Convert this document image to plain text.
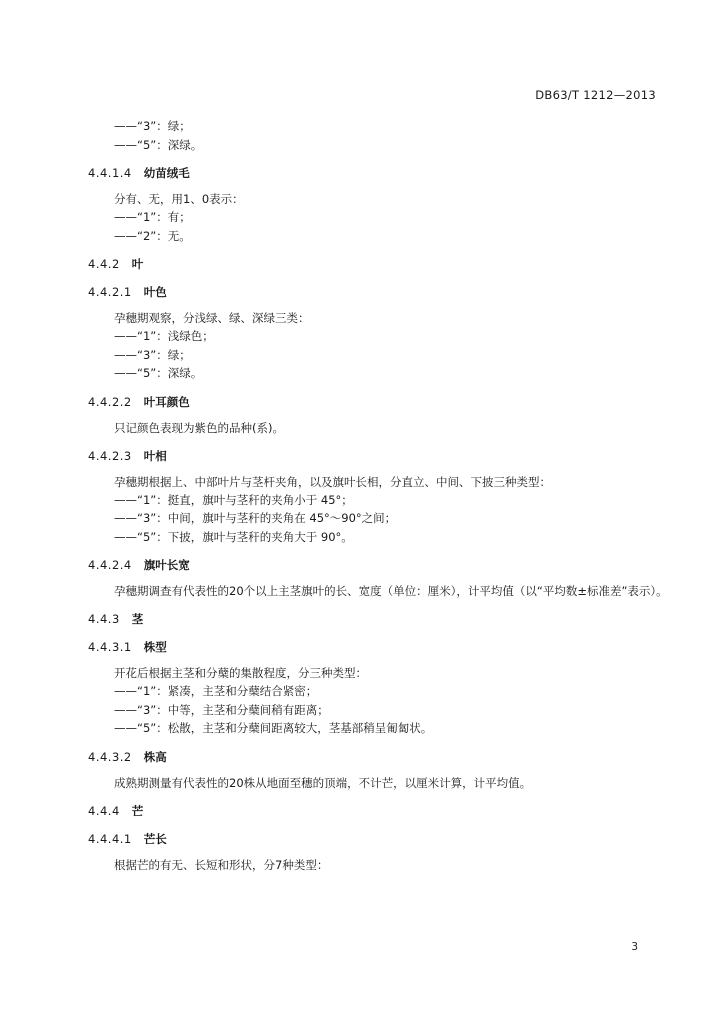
DB63/T 1212—2013

——“3”：绿；

——“5”：深绿。

4.4.1.4 幼苗绒毛

分有、无，用1、0表示：

——“1”：有；

——“2”：无。

4.4.2 叶
4.4.2.1 叶色

孕穗期观察，分浅绿、绿、深绿三类：

——“1”：浅绿色；

——“3”：绿；

——“5”：深绿。

4.4.2.2 叶耳颜色

只记颜色表现为紫色的品种(系)。

4.4.2.3 叶相

孕穗期根据上、中部叶片与茎杆夹角，以及旗叶长相，分直立、中间、下披三种类型：

——“1”：挺直，旗叶与茎秆的夹角小于 45°；

——“3”：中间，旗叶与茎秆的夹角在 45°～90°之间；

——“5”：下披，旗叶与茎秆的夹角大于 90°。

4.4.2.4 旗叶长宽

孕穗期调查有代表性的20个以上主茎旗叶的长、宽度（单位：厘米），计平均值（以“平均数±标准差”表示）。

4.4.3 茎
4.4.3.1 株型

开花后根据主茎和分蘖的集散程度，分三种类型：

——“1”：紧凑，主茎和分蘖结合紧密；

——“3”：中等，主茎和分蘖间稍有距离；

——“5”：松散，主茎和分蘖间距离较大，茎基部稍呈匍匐状。

4.4.3.2 株高

成熟期测量有代表性的20株从地面至穗的顶端，不计芒，以厘米计算，计平均值。

4.4.4 芒
4.4.4.1 芒长

根据芒的有无、长短和形状，分7种类型：

3
